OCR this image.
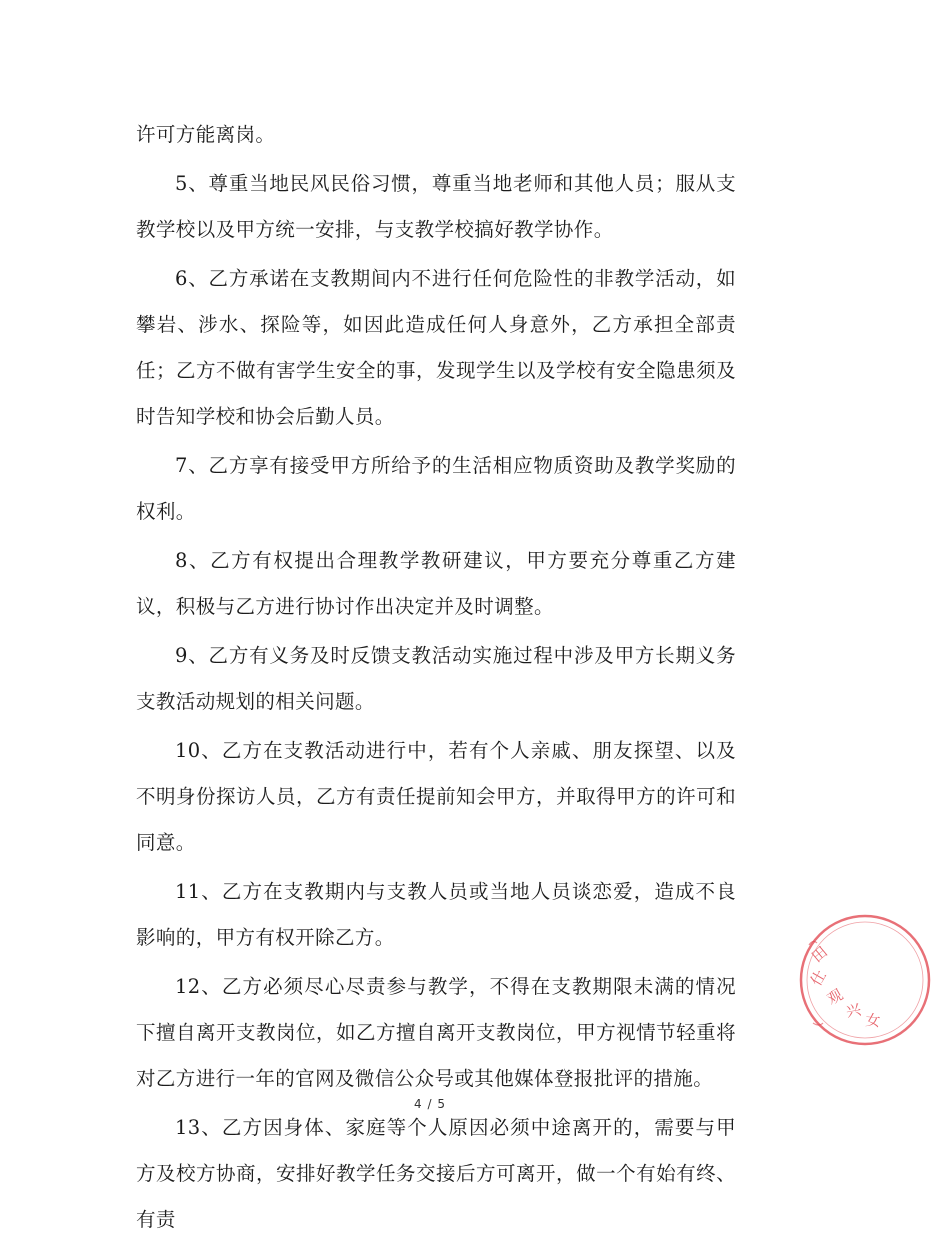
许可方能离岗。

5、尊重当地民风民俗习惯，尊重当地老师和其他人员；服从支教学校以及甲方统一安排，与支教学校搞好教学协作。

6、乙方承诺在支教期间内不进行任何危险性的非教学活动，如攀岩、涉水、探险等，如因此造成任何人身意外，乙方承担全部责任；乙方不做有害学生安全的事，发现学生以及学校有安全隐患须及时告知学校和协会后勤人员。

7、乙方享有接受甲方所给予的生活相应物质资助及教学奖励的权利。

8、乙方有权提出合理教学教研建议，甲方要充分尊重乙方建议，积极与乙方进行协讨作出决定并及时调整。

9、乙方有义务及时反馈支教活动实施过程中涉及甲方长期义务支教活动规划的相关问题。

10、乙方在支教活动进行中，若有个人亲戚、朋友探望、以及不明身份探访人员，乙方有责任提前知会甲方，并取得甲方的许可和同意。

11、乙方在支教期内与支教人员或当地人员谈恋爱，造成不良影响的，甲方有权开除乙方。

12、乙方必须尽心尽责参与教学，不得在支教期限未满的情况下擅自离开支教岗位，如乙方擅自离开支教岗位，甲方视情节轻重将对乙方进行一年的官网及微信公众号或其他媒体登报批评的措施。

13、乙方因身体、家庭等个人原因必须中途离开的，需要与甲方及校方协商，安排好教学任务交接后方可离开，做一个有始有终、有责

4 / 5
田
仕
观
兴 女
